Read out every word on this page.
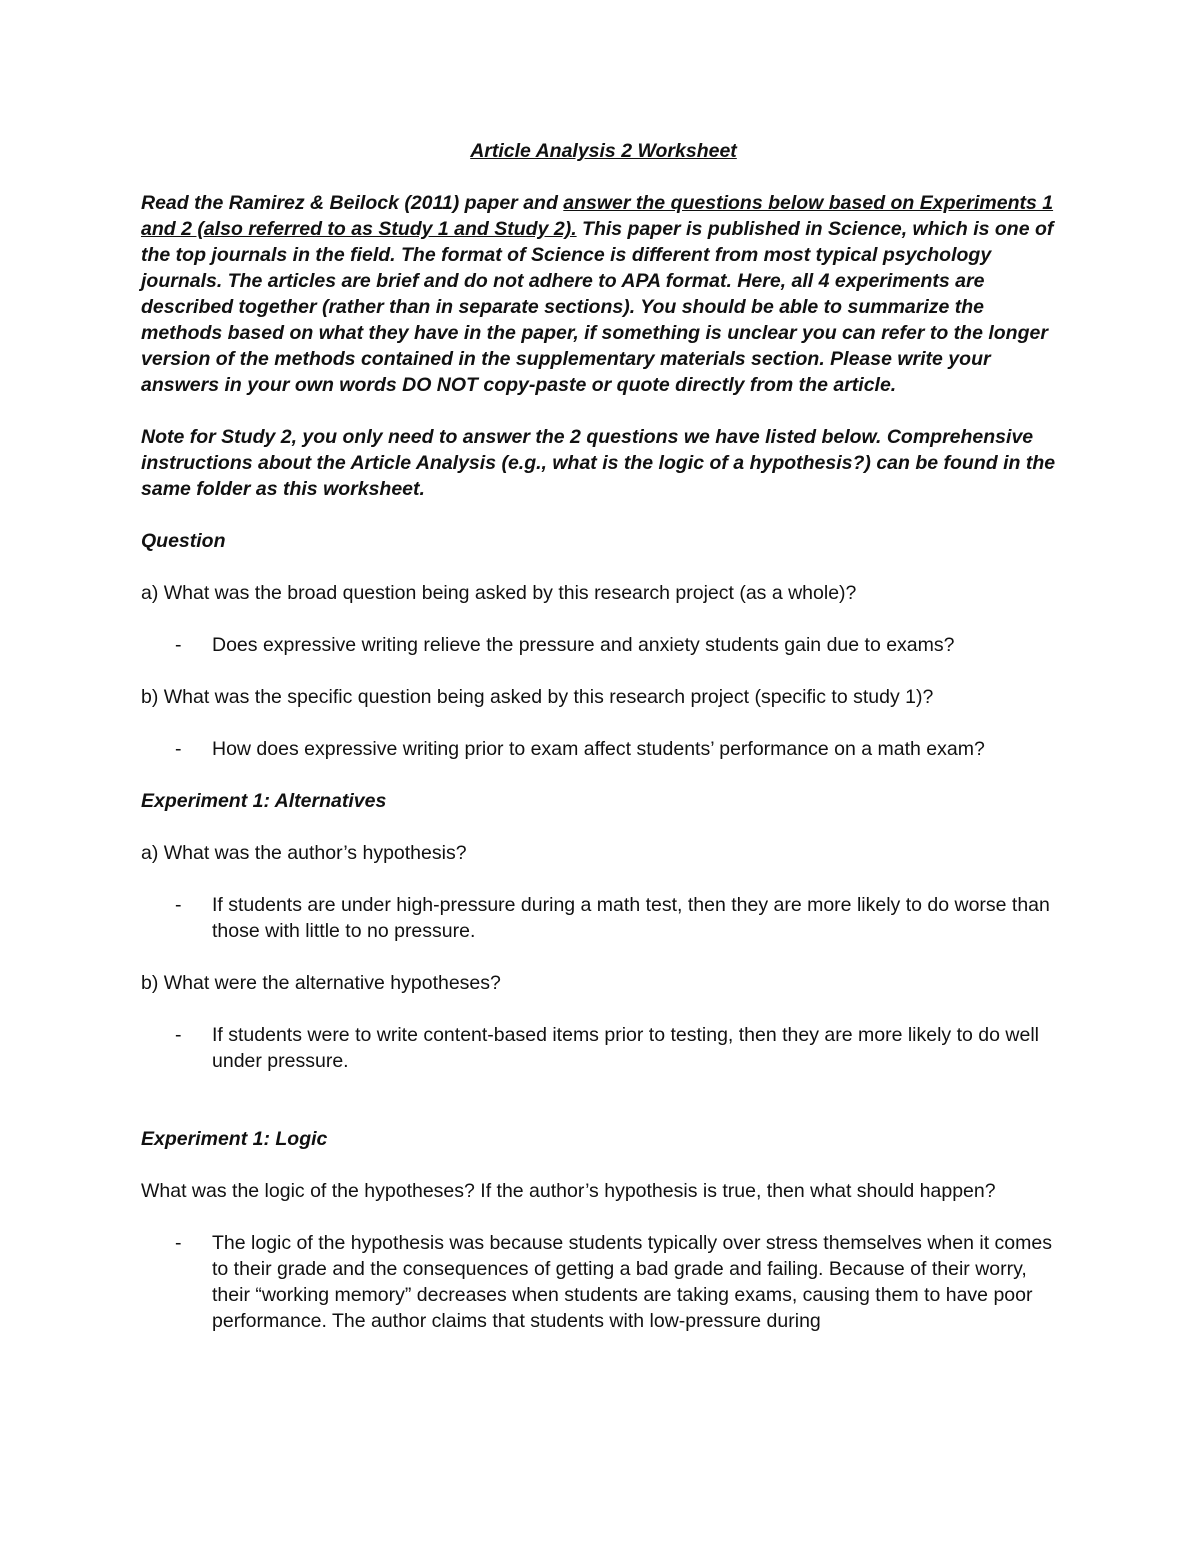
Article Analysis 2 Worksheet

Read the Ramirez & Beilock (2011) paper and answer the questions below based on Experiments 1 and 2 (also referred to as Study 1 and Study 2). This paper is published in Science, which is one of the top journals in the field. The format of Science is different from most typical psychology journals. The articles are brief and do not adhere to APA format. Here, all 4 experiments are described together (rather than in separate sections). You should be able to summarize the methods based on what they have in the paper, if something is unclear you can refer to the longer version of the methods contained in the supplementary materials section. Please write your answers in your own words DO NOT copy-paste or quote directly from the article.

Note for Study 2, you only need to answer the 2 questions we have listed below. Comprehensive instructions about the Article Analysis (e.g., what is the logic of a hypothesis?) can be found in the same folder as this worksheet.

Question
a) What was the broad question being asked by this research project (as a whole)?
- Does expressive writing relieve the pressure and anxiety students gain due to exams?
b) What was the specific question being asked by this research project (specific to study 1)?
- How does expressive writing prior to exam affect students’ performance on a math exam?
Experiment 1: Alternatives
a) What was the author’s hypothesis?
- If students are under high-pressure during a math test, then they are more likely to do worse than those with little to no pressure.
b) What were the alternative hypotheses?
- If students were to write content-based items prior to testing, then they are more likely to do well under pressure.
Experiment 1: Logic
What was the logic of the hypotheses? If the author’s hypothesis is true, then what should happen?
- The logic of the hypothesis was because students typically over stress themselves when it comes to their grade and the consequences of getting a bad grade and failing. Because of their worry, their “working memory” decreases when students are taking exams, causing them to have poor performance. The author claims that students with low-pressure during
